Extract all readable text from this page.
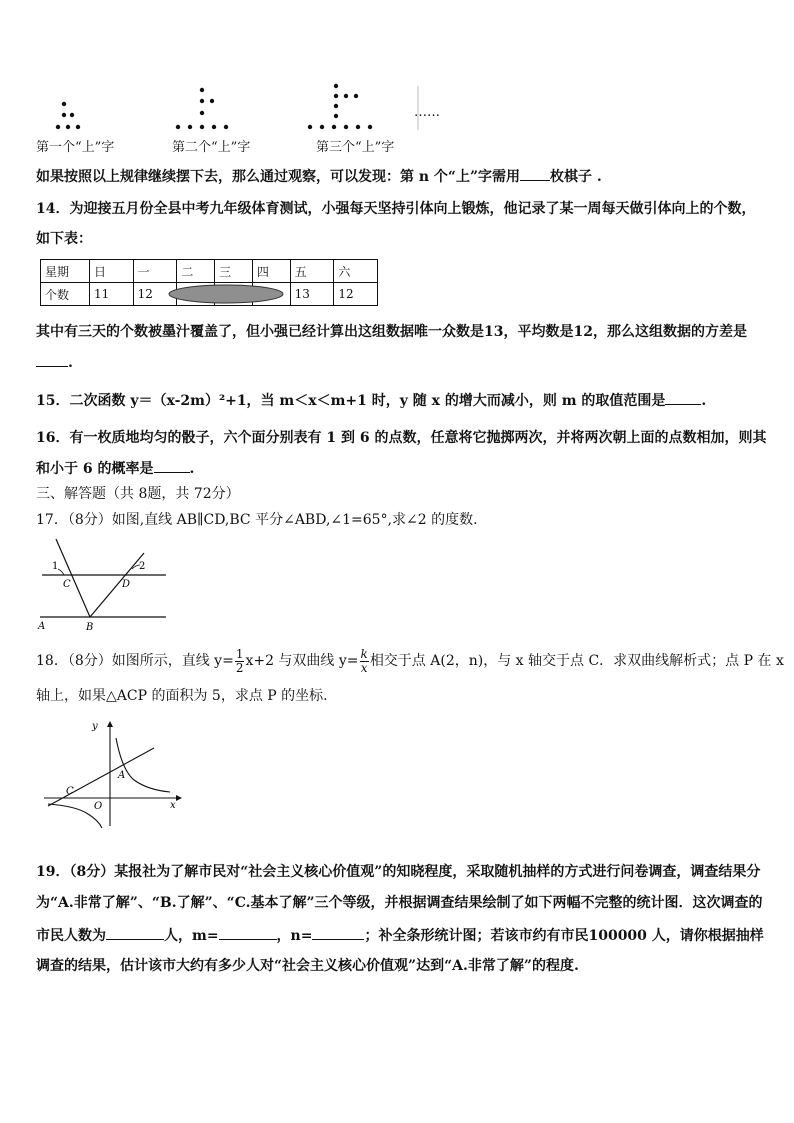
……
第一个“上”字	第二个“上”字	第三个“上”字
如果按照以上规律继续摆下去，那么通过观察，可以发现：第 n 个“上”字需用 枚棋子 .
14．为迎接五月份全县中考九年级体育测试，小强每天坚持引体向上锻炼，他记录了某一周每天做引体向上的个数，
如下表：
星期	日	一	二	三	四	五	六
个数	11	12				13	12
其中有三天的个数被墨汁覆盖了，但小强已经计算出这组数据唯一众数是13，平均数是12，那么这组数据的方差是
.
15．二次函数 y＝（x-2m）²+1，当 m＜x＜m+1 时，y 随 x 的增大而减小，则 m 的取值范围是	.
16．有一枚质地均匀的骰子，六个面分别表有 1 到 6 的点数，任意将它抛掷两次，并将两次朝上面的点数相加，则其
和小于 6 的概率是	.
三、解答题（共 8题，共 72分）
17．（8分）如图,直线 AB∥CD,BC 平分∠ABD,∠1=65°,求∠2 的度数.
1	2
C	D
A	B
18．（8分）如图所示，直线 $y= \frac{1}{2} x+2$ 与双曲线 $y= \frac{k}{x}$ 相交于点 A(2，n)，与 x 轴交于点 C．求双曲线解析式；点 P 在 x
轴上，如果△ACP 的面积为 5，求点 P 的坐标.
y
A
C
O	x
19．（8分）某报社为了解市民对“社会主义核心价值观”的知晓程度，采取随机抽样的方式进行问卷调查，调查结果分
为“A.非常了解”、“B.了解”、“C.基本了解”三个等级，并根据调查结果绘制了如下两幅不完整的统计图．这次调查的
市民人数为	人，m=	，n=	；补全条形统计图；若该市约有市民100000 人，请你根据抽样
调查的结果，估计该市大约有多少人对“社会主义核心价值观”达到“A.非常了解”的程度.
